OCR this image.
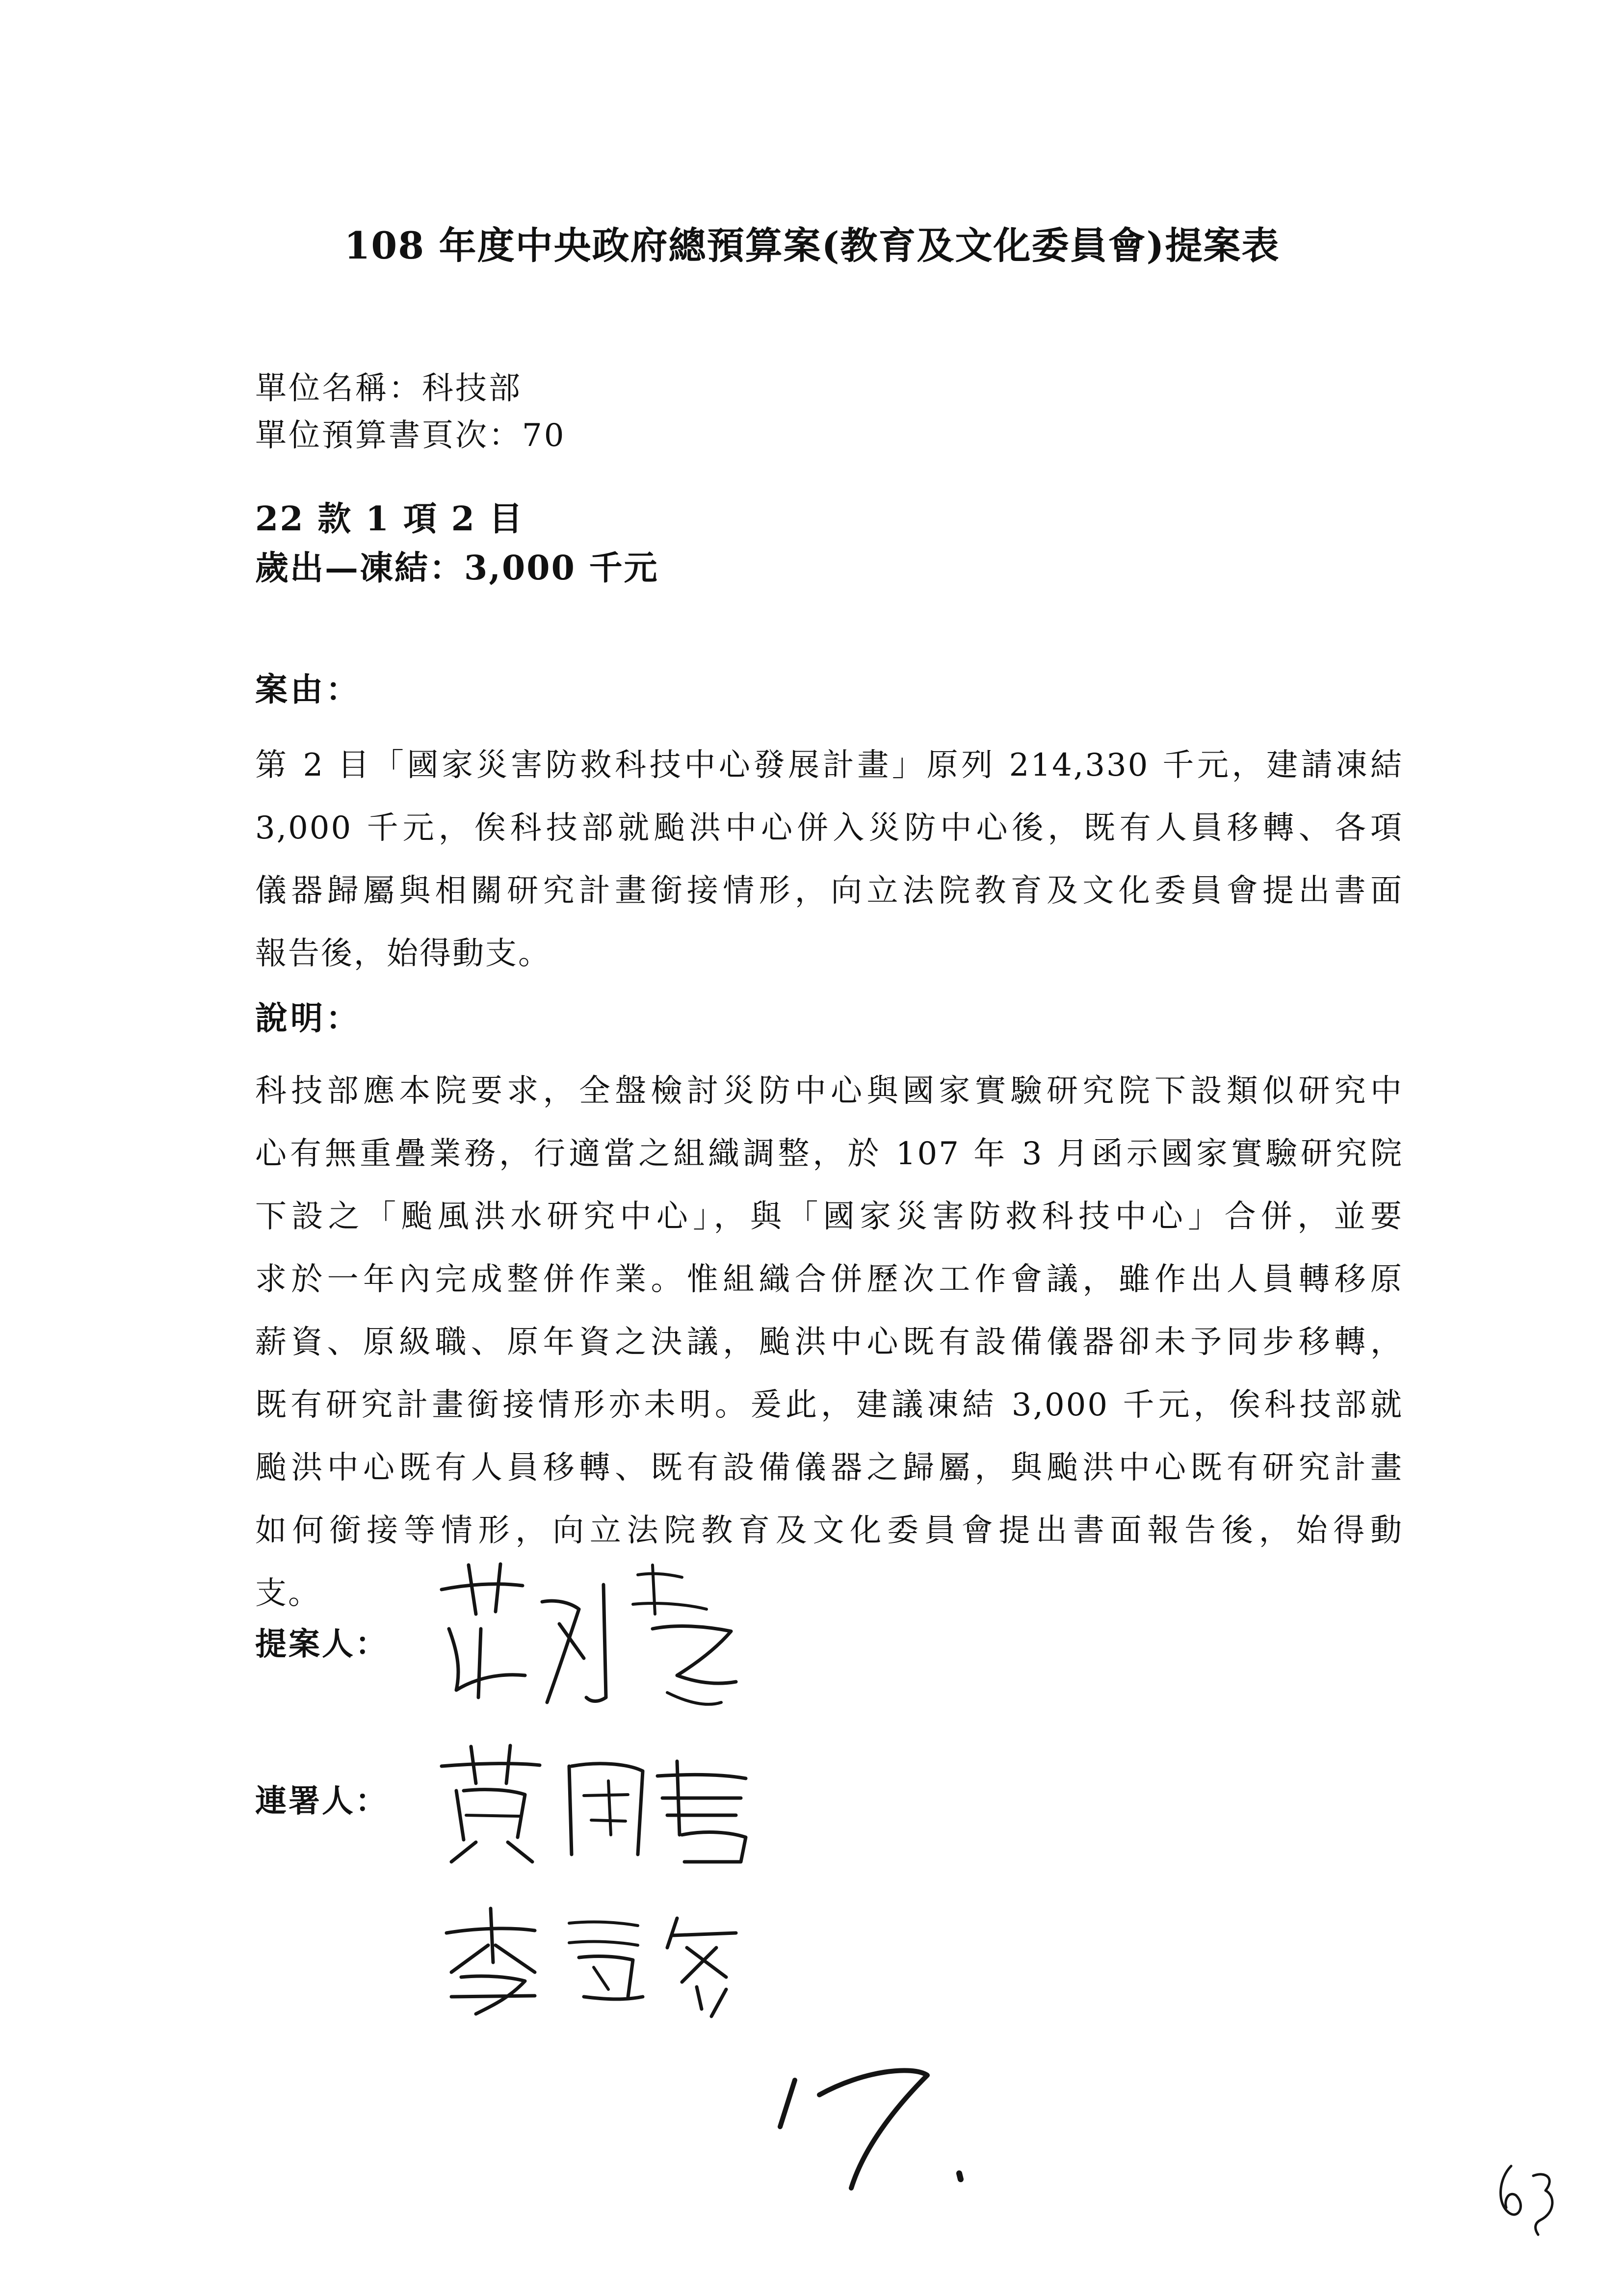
108 年度中央政府總預算案(教育及文化委員會)提案表
單位名稱：科技部
單位預算書頁次：70
22 款 1 項 2 目
歲出—凍結：3,000 千元
案由：
第 2 目「國家災害防救科技中心發展計畫」原列 214,330 千元，建請凍結
3,000 千元，俟科技部就颱洪中心併入災防中心後，既有人員移轉、各項
儀器歸屬與相關研究計畫銜接情形，向立法院教育及文化委員會提出書面
報告後，始得動支。
說明：
科技部應本院要求，全盤檢討災防中心與國家實驗研究院下設類似研究中
心有無重疊業務，行適當之組織調整，於 107 年 3 月函示國家實驗研究院
下設之「颱風洪水研究中心」，與「國家災害防救科技中心」合併，並要
求於一年內完成整併作業。惟組織合併歷次工作會議，雖作出人員轉移原
薪資、原級職、原年資之決議，颱洪中心既有設備儀器卻未予同步移轉，
既有研究計畫銜接情形亦未明。爰此，建議凍結 3,000 千元，俟科技部就
颱洪中心既有人員移轉、既有設備儀器之歸屬，與颱洪中心既有研究計畫
如何銜接等情形，向立法院教育及文化委員會提出書面報告後，始得動
支。
提案人：
連署人：
